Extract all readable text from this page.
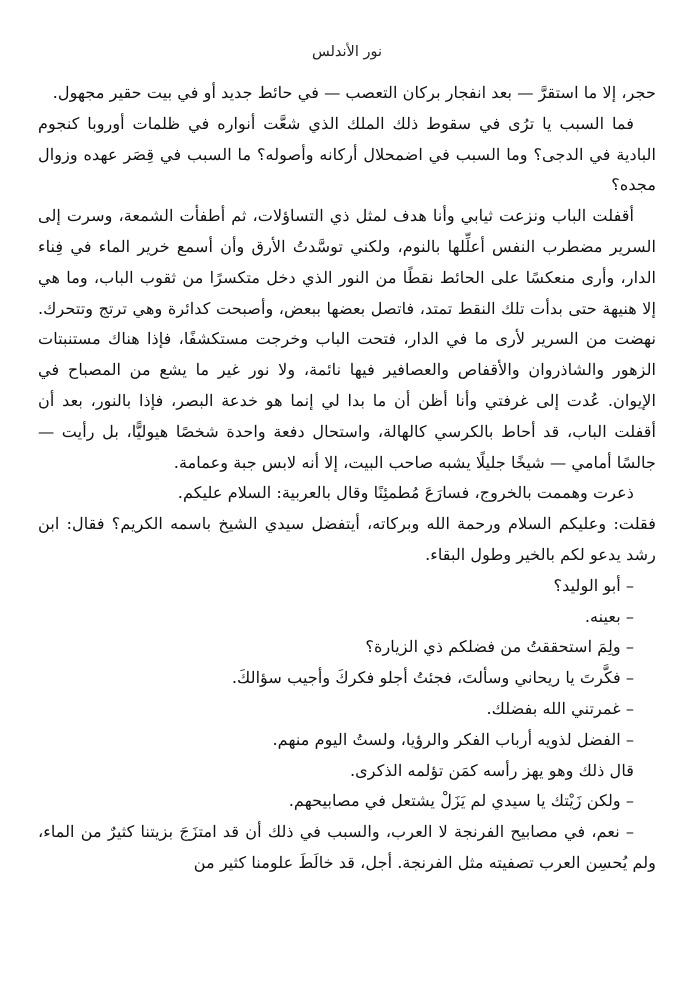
نور الأندلس

حجر، إلا ما استقرَّ — بعد انفجار بركان التعصب — في حائط جديد أو في بيت حقير مجهول.

فما السبب يا ترُى في سقوط ذلك الملك الذي شعَّت أنواره في ظلمات أوروبا كنجوم البادية في الدجى؟ وما السبب في اضمحلال أركانه وأصوله؟ ما السبب في قِصَر عهده وزوال مجده؟

أقفلت الباب ونزعت ثيابي وأنا هدف لمثل ذي التساؤلات، ثم أطفأت الشمعة، وسرت إلى السرير مضطرب النفس أعلِّلها بالنوم، ولكني توسَّدتُ الأرق وأن أسمع خرير الماء في فِناء الدار، وأرى منعكسًا على الحائط نقطًا من النور الذي دخل متكسرًا من ثقوب الباب، وما هي إلا هنيهة حتى بدأت تلك النقط تمتد، فاتصل بعضها ببعض، وأصبحت كدائرة وهي ترتج وتتحرك. نهضت من السرير لأرى ما في الدار، فتحت الباب وخرجت مستكشفًا، فإذا هناك مستنبتات الزهور والشاذروان والأقفاص والعصافير فيها نائمة، ولا نور غير ما يشع من المصباح في الإيوان. عُدت إلى غرفتي وأنا أظن أن ما بدا لي إنما هو خدعة البصر، فإذا بالنور، بعد أن أقفلت الباب، قد أحاط بالكرسي كالهالة، واستحال دفعة واحدة شخصًا هيوليًّا، بل رأيت — جالسًا أمامي — شيخًا جليلًا يشبه صاحب البيت، إلا أنه لابس جبة وعمامة.

ذعرت وهممت بالخروج، فسارَعَ مُطمئِنًا وقال بالعربية: السلام عليكم.

فقلت: وعليكم السلام ورحمة الله وبركاته، أيتفضل سيدي الشيخ باسمه الكريم؟ فقال: ابن رشد يدعو لكم بالخير وطول البقاء.

– أبو الوليد؟

– بعينه.

– ولِمَ استحققتُ من فضلكم ذي الزيارة؟

– فكَّرتَ يا ريحاني وسألتَ، فجئتُ أجلو فكركَ وأجيب سؤالكَ.

– غمرتني الله بفضلك.

– الفضل لذويه أرباب الفكر والرؤيا، ولستُ اليوم منهم.

قال ذلك وهو يهز رأسه كمَن تؤلمه الذكرى.

– ولكن زَيْتك يا سيدي لم يَزَلْ يشتعل في مصابيحهم.

– نعم، في مصابيح الفرنجة لا العرب، والسبب في ذلك أن قد امتزَجَ بزيتنا كثيرٌ من الماء، ولم يُحسِن العرب تصفيته مثل الفرنجة. أجل، قد خالَطَ علومنا كثير من
